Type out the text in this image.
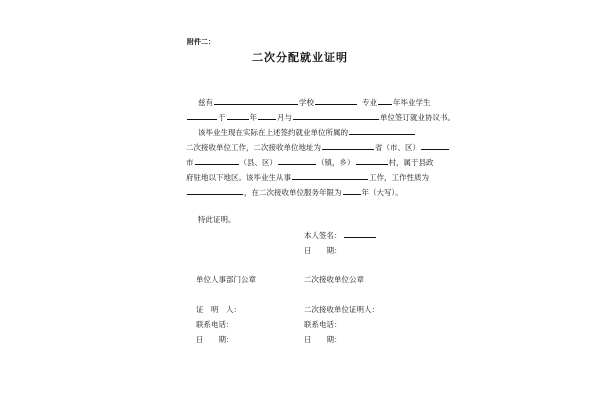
附件二：
二次分配就业证明
兹有	学校	专业 年毕业学生
于	年	月与	单位签订就业协议书。
该毕业生现在实际在上述签约就业单位所属的
二次接收单位工作，二次接收单位地址为	省（市、区）
市	（县、区）	（镇，乡）	村，属于县政
府驻地以下地区。该毕业生从事	工作，工作性质为
，在二次接收单位服务年限为	年（大写）。
特此证明。
本人签名：
日　　期：
单位人事部门公章	二次接收单位公章
证　明　人：	二次接收单位证明人：
联系电话：	联系电话：
日　　期：	日　　期：
